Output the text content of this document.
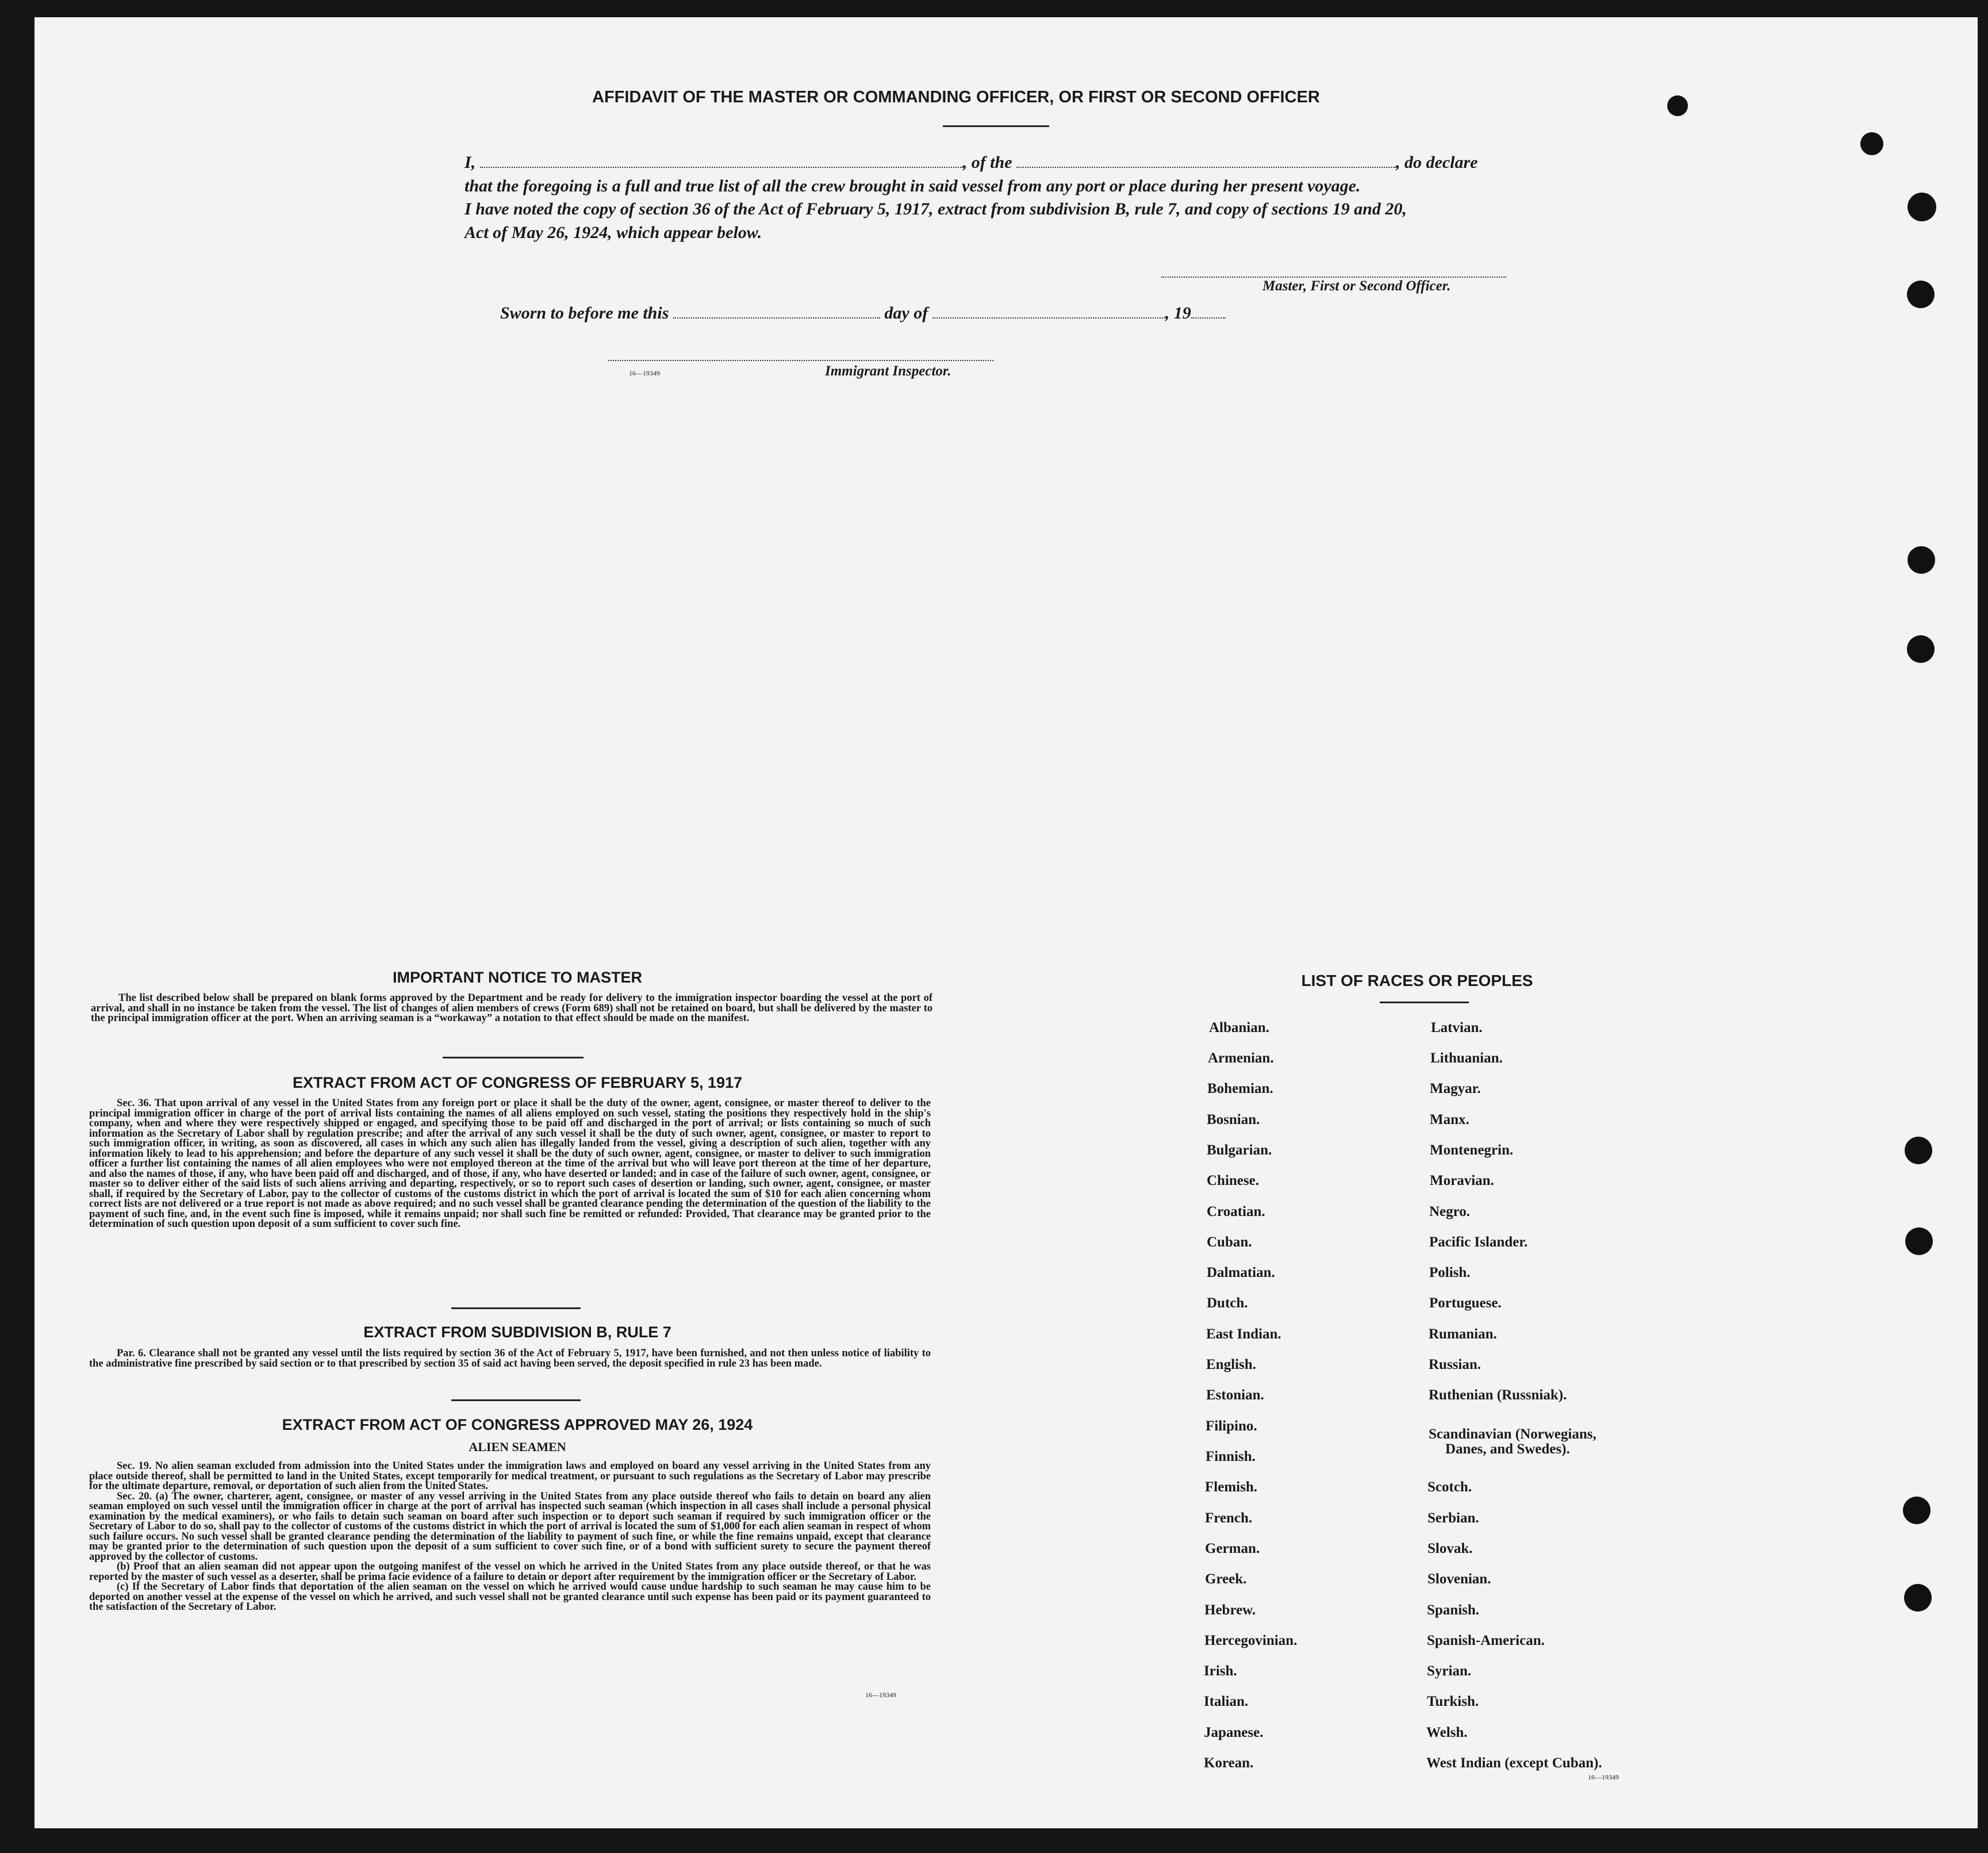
AFFIDAVIT OF THE MASTER OR COMMANDING OFFICER, OR FIRST OR SECOND OFFICER
I,	, of the	, do declare
that the foregoing is a full and true list of all the crew brought in said vessel from any port or place during her present voyage.
I have noted the copy of section 36 of the Act of February 5, 1917, extract from subdivision B, rule 7, and copy of sections 19 and 20,
Act of May 26, 1924, which appear below.
Master, First or Second Officer.
Sworn to before me this	day of	, 19
16—19349	Immigrant Inspector.
IMPORTANT NOTICE TO MASTER

The list described below shall be prepared on blank forms approved by the Department and be ready for delivery to the immigration inspector boarding the vessel at the port of arrival, and shall in no instance be taken from the vessel. The list of changes of alien members of crews (Form 689) shall not be retained on board, but shall be delivered by the master to the principal immigration officer at the port. When an arriving seaman is a “workaway” a notation to that effect should be made on the manifest.

EXTRACT FROM ACT OF CONGRESS OF FEBRUARY 5, 1917

Sec. 36. That upon arrival of any vessel in the United States from any foreign port or place it shall be the duty of the owner, agent, consignee, or master thereof to deliver to the principal immigration officer in charge of the port of arrival lists containing the names of all aliens employed on such vessel, stating the positions they respectively hold in the ship's company, when and where they were respectively shipped or engaged, and specifying those to be paid off and discharged in the port of arrival; or lists containing so much of such information as the Secretary of Labor shall by regulation prescribe; and after the arrival of any such vessel it shall be the duty of such owner, agent, consignee, or master to report to such immigration officer, in writing, as soon as discovered, all cases in which any such alien has illegally landed from the vessel, giving a description of such alien, together with any information likely to lead to his apprehension; and before the departure of any such vessel it shall be the duty of such owner, agent, consignee, or master to deliver to such immigration officer a further list containing the names of all alien employees who were not employed thereon at the time of the arrival but who will leave port thereon at the time of her departure, and also the names of those, if any, who have been paid off and discharged, and of those, if any, who have deserted or landed; and in case of the failure of such owner, agent, consignee, or master so to deliver either of the said lists of such aliens arriving and departing, respectively, or so to report such cases of desertion or landing, such owner, agent, consignee, or master shall, if required by the Secretary of Labor, pay to the collector of customs of the customs district in which the port of arrival is located the sum of $10 for each alien concerning whom correct lists are not delivered or a true report is not made as above required; and no such vessel shall be granted clearance pending the determination of the question of the liability to the payment of such fine, and, in the event such fine is imposed, while it remains unpaid; nor shall such fine be remitted or refunded: Provided, That clearance may be granted prior to the determination of such question upon deposit of a sum sufficient to cover such fine.

EXTRACT FROM SUBDIVISION B, RULE 7

Par. 6. Clearance shall not be granted any vessel until the lists required by section 36 of the Act of February 5, 1917, have been furnished, and not then unless notice of liability to the administrative fine prescribed by said section or to that prescribed by section 35 of said act having been served, the deposit specified in rule 23 has been made.

EXTRACT FROM ACT OF CONGRESS APPROVED MAY 26, 1924
ALIEN SEAMEN

Sec. 19. No alien seaman excluded from admission into the United States under the immigration laws and employed on board any vessel arriving in the United States from any place outside thereof, shall be permitted to land in the United States, except temporarily for medical treatment, or pursuant to such regulations as the Secretary of Labor may prescribe for the ultimate departure, removal, or deportation of such alien from the United States.

Sec. 20. (a) The owner, charterer, agent, consignee, or master of any vessel arriving in the United States from any place outside thereof who fails to detain on board any alien seaman employed on such vessel until the immigration officer in charge at the port of arrival has inspected such seaman (which inspection in all cases shall include a personal physical examination by the medical examiners), or who fails to detain such seaman on board after such inspection or to deport such seaman if required by such immigration officer or the Secretary of Labor to do so, shall pay to the collector of customs of the customs district in which the port of arrival is located the sum of $1,000 for each alien seaman in respect of whom such failure occurs. No such vessel shall be granted clearance pending the determination of the liability to payment of such fine, or while the fine remains unpaid, except that clearance may be granted prior to the determination of such question upon the deposit of a sum sufficient to cover such fine, or of a bond with sufficient surety to secure the payment thereof approved by the collector of customs.

(b) Proof that an alien seaman did not appear upon the outgoing manifest of the vessel on which he arrived in the United States from any place outside thereof, or that he was reported by the master of such vessel as a deserter, shall be prima facie evidence of a failure to detain or deport after requirement by the immigration officer or the Secretary of Labor.

(c) If the Secretary of Labor finds that deportation of the alien seaman on the vessel on which he arrived would cause undue hardship to such seaman he may cause him to be deported on another vessel at the expense of the vessel on which he arrived, and such vessel shall not be granted clearance until such expense has been paid or its payment guaranteed to the satisfaction of the Secretary of Labor.

16—19349
LIST OF RACES OR PEOPLES
Albanian.
Armenian.
Bohemian.
Bosnian.
Bulgarian.
Chinese.
Croatian.
Cuban.
Dalmatian.
Dutch.
East Indian.
English.
Estonian.
Filipino.
Finnish.
Flemish.
French.
German.
Greek.
Hebrew.
Hercegovinian.
Irish.
Italian.
Japanese.
Korean.
Latvian.
Lithuanian.
Magyar.
Manx.
Montenegrin.
Moravian.
Negro.
Pacific Islander.
Polish.
Portuguese.
Rumanian.
Russian.
Ruthenian (Russniak).
Scandinavian (Norwegians,
Danes, and Swedes).
Scotch.
Serbian.
Slovak.
Slovenian.
Spanish.
Spanish-American.
Syrian.
Turkish.
Welsh.
West Indian (except Cuban).
16—19349
